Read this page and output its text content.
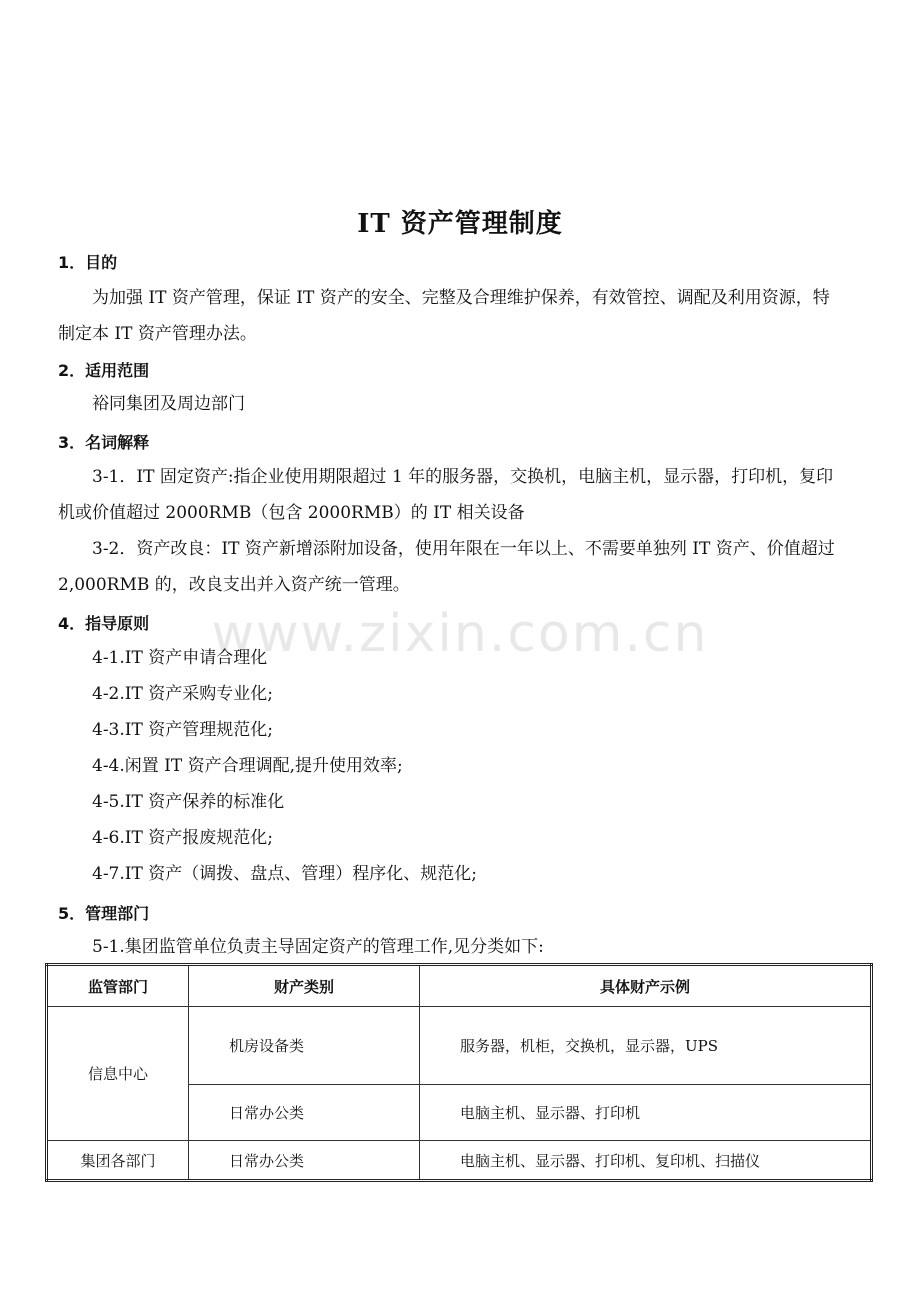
www.zixin.com.cn
IT 资产管理制度
1．目的
为加强 IT 资产管理，保证 IT 资产的安全、完整及合理维护保养，有效管控、调配及利用资源，特制定本 IT 资产管理办法。
2．适用范围
裕同集团及周边部门
3．名词解释
3-1．IT 固定资产:指企业使用期限超过 1 年的服务器，交换机，电脑主机，显示器，打印机，复印机或价值超过 2000RMB（包含 2000RMB）的 IT 相关设备
3-2．资产改良：IT 资产新增添附加设备，使用年限在一年以上、不需要单独列 IT 资产、价值超过 2,000RMB 的，改良支出并入资产统一管理。
4．指导原则
4-1.IT 资产申请合理化
4-2.IT 资产采购专业化;
4-3.IT 资产管理规范化;
4-4.闲置 IT 资产合理调配,提升使用效率;
4-5.IT 资产保养的标准化
4-6.IT 资产报废规范化;
4-7.IT 资产（调拨、盘点、管理）程序化、规范化;
5．管理部门
5-1.集团监管单位负责主导固定资产的管理工作,见分类如下:
监管部门	财产类别	具体财产示例
信息中心	机房设备类	服务器，机柜，交换机，显示器，UPS
	日常办公类	电脑主机、显示器、打印机
集团各部门	日常办公类	电脑主机、显示器、打印机、复印机、扫描仪
